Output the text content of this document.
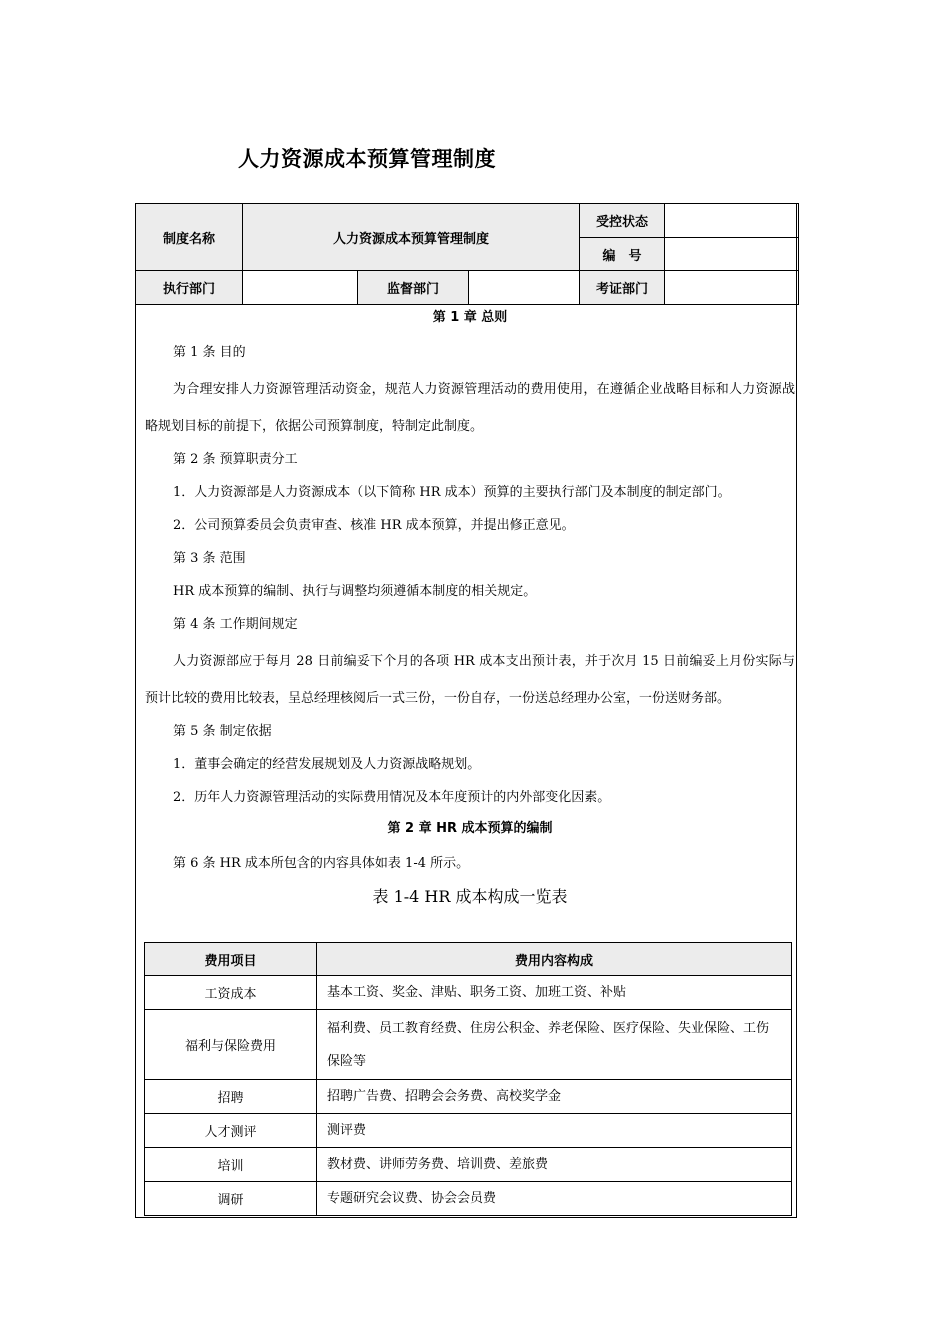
人力资源成本预算管理制度
制度名称	人力资源成本预算管理制度			受控状态	
				编　号	
执行部门		监督部门		考证部门	
第 1 章 总则
第 1 条 目的

为合理安排人力资源管理活动资金，规范人力资源管理活动的费用使用，在遵循企业战略目标和人力资源战略规划目标的前提下，依据公司预算制度，特制定此制度。

第 2 条 预算职责分工
1．人力资源部是人力资源成本（以下简称 HR 成本）预算的主要执行部门及本制度的制定部门。
2．公司预算委员会负责审查、核准 HR 成本预算，并提出修正意见。
第 3 条 范围
HR 成本预算的编制、执行与调整均须遵循本制度的相关规定。
第 4 条 工作期间规定

人力资源部应于每月 28 日前编妥下个月的各项 HR 成本支出预计表，并于次月 15 日前编妥上月份实际与预计比较的费用比较表，呈总经理核阅后一式三份，一份自存，一份送总经理办公室，一份送财务部。

第 5 条 制定依据
1．董事会确定的经营发展规划及人力资源战略规划。
2．历年人力资源管理活动的实际费用情况及本年度预计的内外部变化因素。
第 2 章 HR 成本预算的编制
第 6 条 HR 成本所包含的内容具体如表 1-4 所示。
表 1-4 HR 成本构成一览表
费用项目	费用内容构成
工资成本	基本工资、奖金、津贴、职务工资、加班工资、补贴
福利与保险费用	福利费、员工教育经费、住房公积金、养老保险、医疗保险、失业保险、工伤保险等
招聘	招聘广告费、招聘会会务费、高校奖学金
人才测评	测评费
培训	教材费、讲师劳务费、培训费、差旅费
调研	专题研究会议费、协会会员费
